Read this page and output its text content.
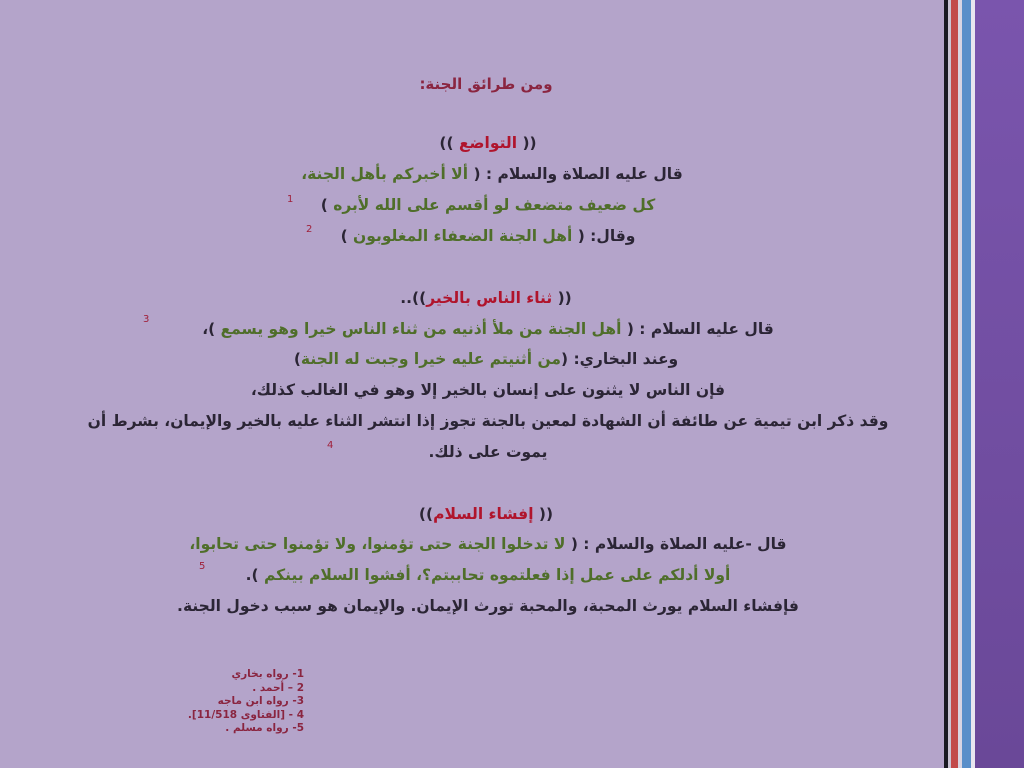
ومن طرائق الجنة:
(( التواضع ))
قال عليه الصلاة والسلام : ( ألا أخبركم بأهل الجنة،
كل ضعيف متضعف لو أقسم على الله لأبره )
1
وقال: ( أهل الجنة الضعفاء المغلوبون )
2
(( ثناء الناس بالخير))..
قال عليه السلام : ( أهل الجنة من ملأ أذنيه من ثناء الناس خيرا وهو يسمع )،
3
وعند البخاري: (من أثنيتم عليه خيرا وجبت له الجنة)
فإن الناس لا يثنون على إنسان بالخير إلا وهو في الغالب كذلك،
وقد ذكر ابن تيمية عن طائفة أن الشهادة لمعين بالجنة تجوز إذا انتشر الثناء عليه بالخير والإيمان، بشرط أن
يموت على ذلك.
4
(( إفشاء السلام))
قال -عليه الصلاة والسلام : ( لا تدخلوا الجنة حتى تؤمنوا، ولا تؤمنوا حتى تحابوا،
أولا أدلكم على عمل إذا فعلتموه تحاببتم؟، أفشوا السلام بينكم ).
5
فإفشاء السلام يورث المحبة، والمحبة تورث الإيمان. والإيمان هو سبب دخول الجنة.
1- رواه بخاري
2 – أحمد .
3- رواه ابن ماجه
4 - [الفتاوى 11/518].
5- رواه مسلم .
